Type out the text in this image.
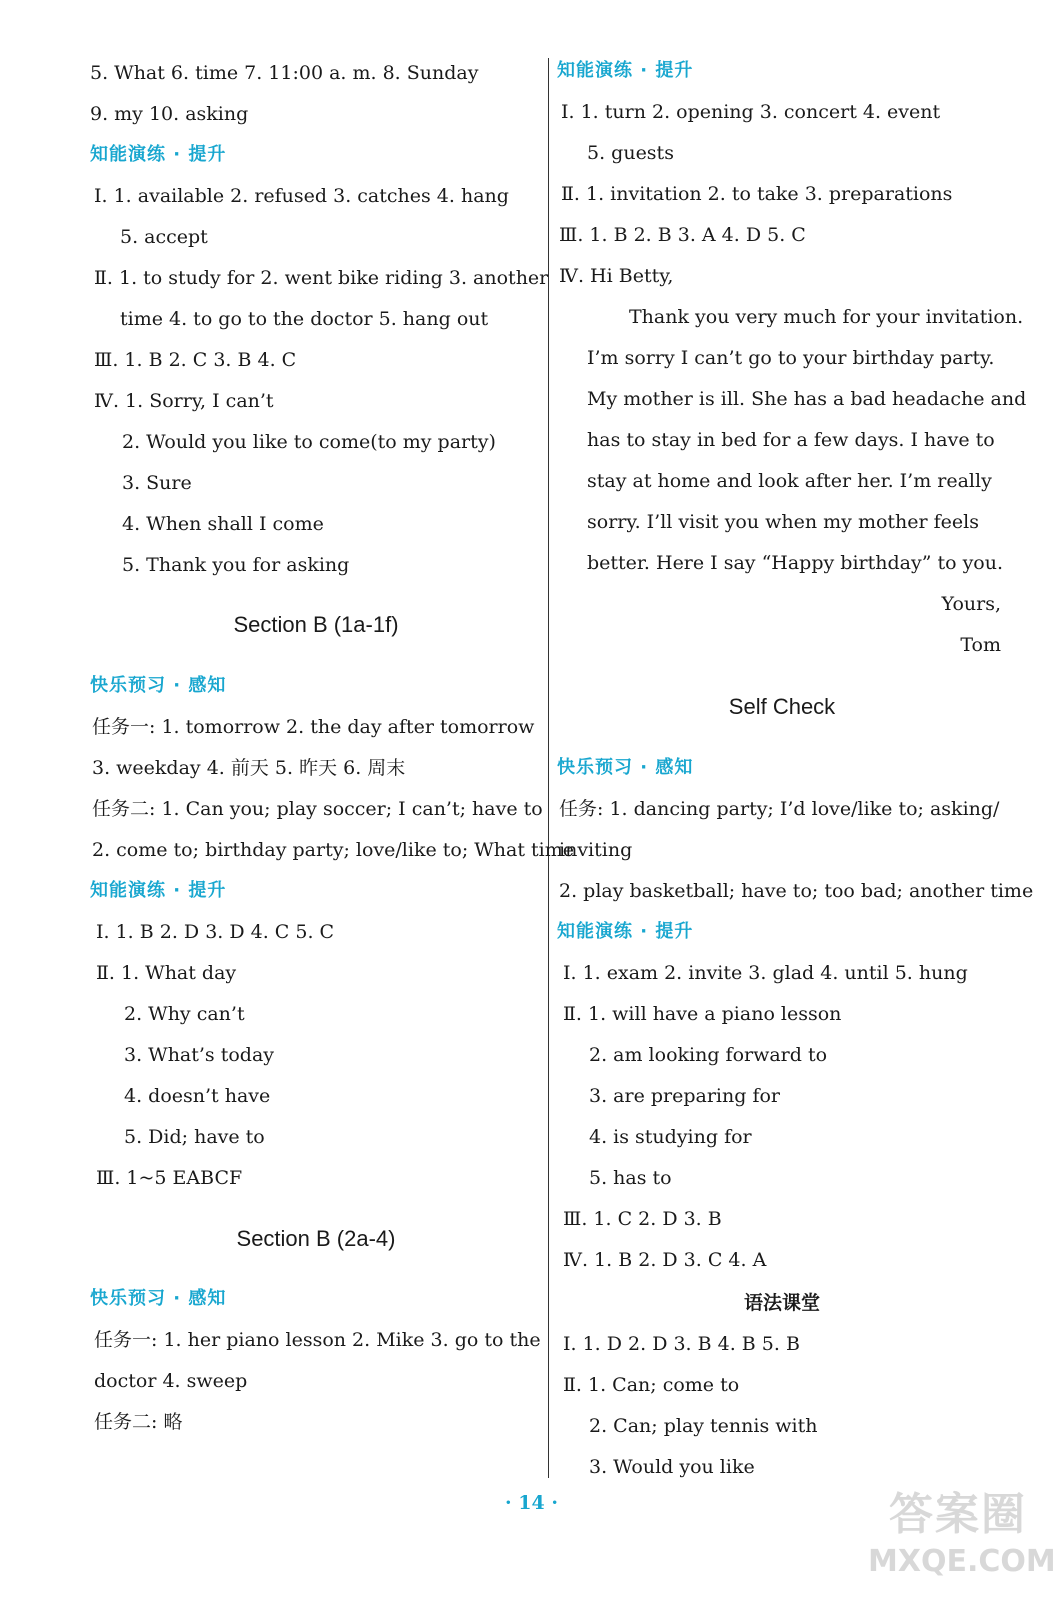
5. What 6. time 7. 11:00 a. m. 8. Sunday
9. my 10. asking
知能演练 · 提升
Ⅰ. 1. available 2. refused 3. catches 4. hang
5. accept
Ⅱ. 1. to study for 2. went bike riding 3. another
time 4. to go to the doctor 5. hang out
Ⅲ. 1. B 2. C 3. B 4. C
Ⅳ. 1. Sorry, I can’t
2. Would you like to come(to my party)
3. Sure
4. When shall I come
5. Thank you for asking
Section B (1a-1f)
快乐预习 · 感知
任务一: 1. tomorrow 2. the day after tomorrow
3. weekday 4. 前天 5. 昨天 6. 周末
任务二: 1. Can you; play soccer; I can’t; have to
2. come to; birthday party; love/like to; What time
知能演练 · 提升
Ⅰ. 1. B 2. D 3. D 4. C 5. C
Ⅱ. 1. What day
2. Why can’t
3. What’s today
4. doesn’t have
5. Did; have to
Ⅲ. 1~5 EABCF
Section B (2a-4)
快乐预习 · 感知
任务一: 1. her piano lesson 2. Mike 3. go to the
doctor 4. sweep
任务二: 略
知能演练 · 提升
Ⅰ. 1. turn 2. opening 3. concert 4. event
5. guests
Ⅱ. 1. invitation 2. to take 3. preparations
Ⅲ. 1. B 2. B 3. A 4. D 5. C
Ⅳ. Hi Betty,
Thank you very much for your invitation.
I’m sorry I can’t go to your birthday party.
My mother is ill. She has a bad headache and
has to stay in bed for a few days. I have to
stay at home and look after her. I’m really
sorry. I’ll visit you when my mother feels
better. Here I say “Happy birthday” to you.
Yours,
Tom
Self Check
快乐预习 · 感知
任务: 1. dancing party; I’d love/like to; asking/
inviting
2. play basketball; have to; too bad; another time
知能演练 · 提升
Ⅰ. 1. exam 2. invite 3. glad 4. until 5. hung
Ⅱ. 1. will have a piano lesson
2. am looking forward to
3. are preparing for
4. is studying for
5. has to
Ⅲ. 1. C 2. D 3. B
Ⅳ. 1. B 2. D 3. C 4. A
语法课堂
Ⅰ. 1. D 2. D 3. B 4. B 5. B
Ⅱ. 1. Can; come to
2. Can; play tennis with
3. Would you like
· 14 ·	答案圈
MXQE.COM
